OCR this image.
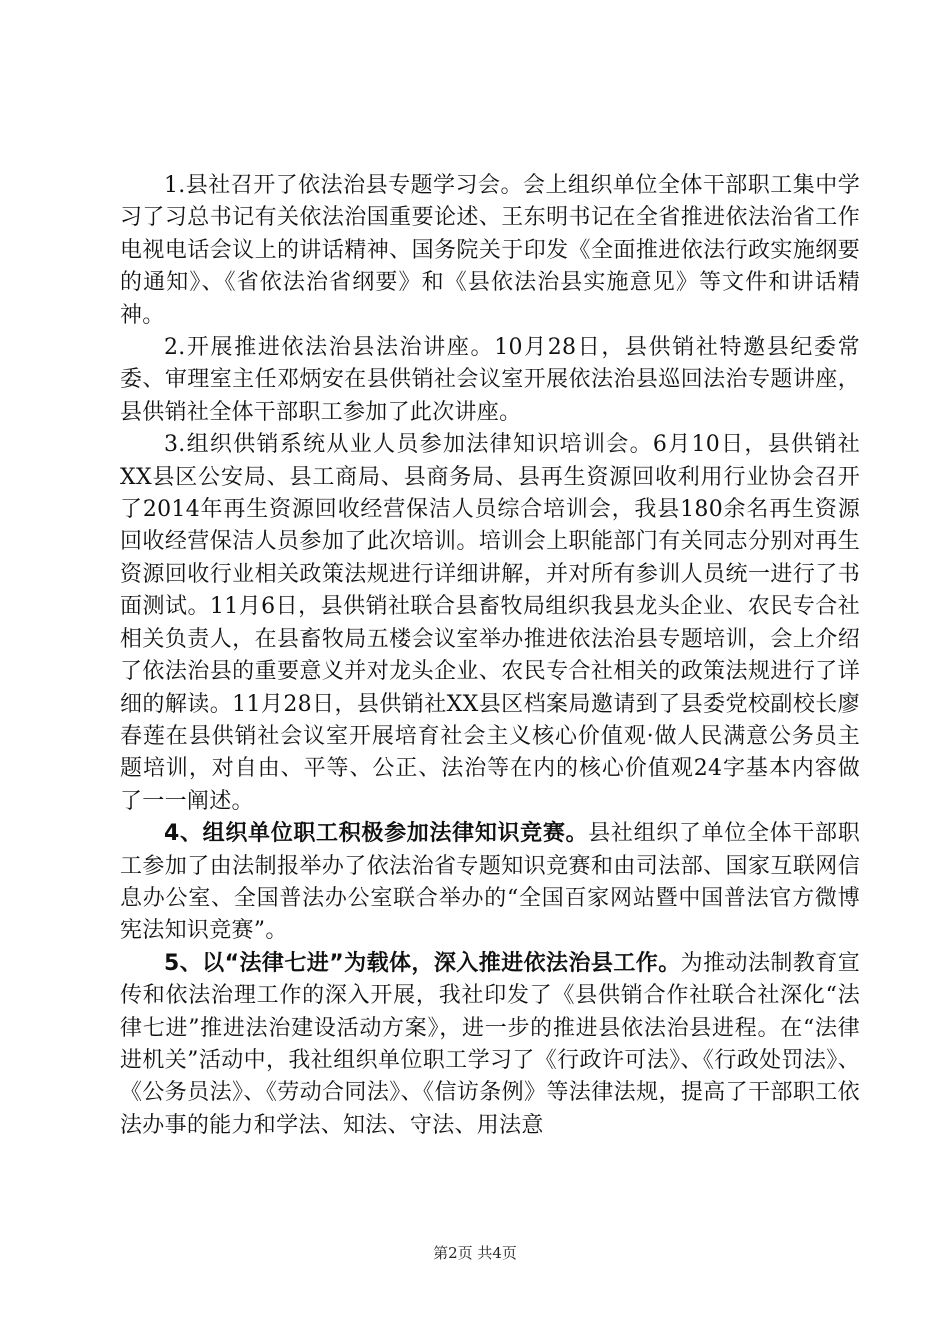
1.县社召开了依法治县专题学习会。会上组织单位全体干部职工集中学习了习总书记有关依法治国重要论述、王东明书记在全省推进依法治省工作电视电话会议上的讲话精神、国务院关于印发《全面推进依法行政实施纲要的通知》、《省依法治省纲要》和《县依法治县实施意见》等文件和讲话精神。

2.开展推进依法治县法治讲座。10月28日，县供销社特邀县纪委常委、审理室主任邓炳安在县供销社会议室开展依法治县巡回法治专题讲座，县供销社全体干部职工参加了此次讲座。

3.组织供销系统从业人员参加法律知识培训会。6月10日，县供销社XX县区公安局、县工商局、县商务局、县再生资源回收利用行业协会召开了2014年再生资源回收经营保洁人员综合培训会，我县180余名再生资源回收经营保洁人员参加了此次培训。培训会上职能部门有关同志分别对再生资源回收行业相关政策法规进行详细讲解，并对所有参训人员统一进行了书面测试。11月6日，县供销社联合县畜牧局组织我县龙头企业、农民专合社相关负责人，在县畜牧局五楼会议室举办推进依法治县专题培训，会上介绍了依法治县的重要意义并对龙头企业、农民专合社相关的政策法规进行了详细的解读。11月28日，县供销社XX县区档案局邀请到了县委党校副校长廖春莲在县供销社会议室开展培育社会主义核心价值观·做人民满意公务员主题培训，对自由、平等、公正、法治等在内的核心价值观24字基本内容做了一一阐述。

4、组织单位职工积极参加法律知识竞赛。县社组织了单位全体干部职工参加了由法制报举办了依法治省专题知识竞赛和由司法部、国家互联网信息办公室、全国普法办公室联合举办的“全国百家网站暨中国普法官方微博宪法知识竞赛”。

5、以“法律七进”为载体，深入推进依法治县工作。为推动法制教育宣传和依法治理工作的深入开展，我社印发了《县供销合作社联合社深化“法律七进”推进法治建设活动方案》，进一步的推进县依法治县进程。在“法律进机关”活动中，我社组织单位职工学习了《行政许可法》、《行政处罚法》、《公务员法》、《劳动合同法》、《信访条例》等法律法规，提高了干部职工依法办事的能力和学法、知法、守法、用法意

第2页 共4页
